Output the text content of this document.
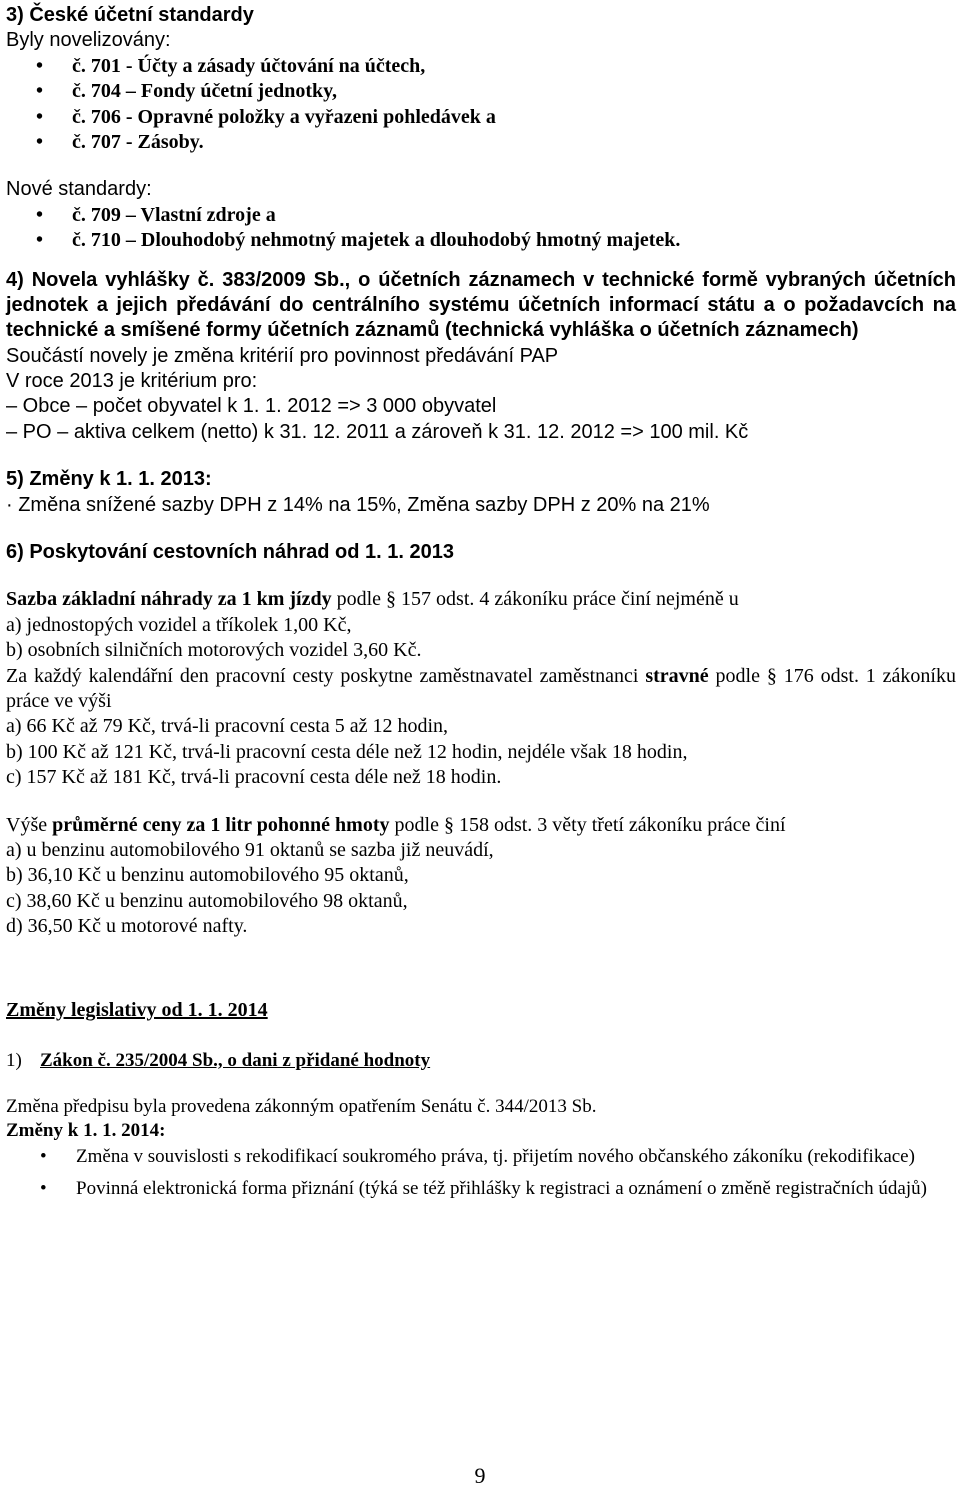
3) České účetní standardy
Byly novelizovány:
• č. 701 - Účty a zásady účtování na účtech,
• č. 704 – Fondy účetní jednotky,
• č. 706 - Opravné položky a vyřazeni pohledávek a
• č. 707 - Zásoby.
Nové standardy:
• č. 709 – Vlastní zdroje a
• č. 710 – Dlouhodobý nehmotný majetek a dlouhodobý hmotný majetek.
4) Novela vyhlášky č. 383/2009 Sb., o účetních záznamech v technické formě vybraných účetních jednotek a jejich předávání do centrálního systému účetních informací státu a o požadavcích na technické a smíšené formy účetních záznamů (technická vyhláška o účetních záznamech)
Součástí novely je změna kritérií pro povinnost předávání PAP
V roce 2013 je kritérium pro:
– Obce – počet obyvatel k 1. 1. 2012 => 3 000 obyvatel
– PO – aktiva celkem (netto) k 31. 12. 2011 a zároveň k 31. 12. 2012 => 100 mil. Kč
5) Změny k 1. 1. 2013:
· Změna snížené sazby DPH z 14% na 15%, Změna sazby DPH z 20% na 21%
6) Poskytování cestovních náhrad od 1. 1. 2013
Sazba základní náhrady za 1 km jízdy podle § 157 odst. 4 zákoníku práce činí nejméně u
a) jednostopých vozidel a tříkolek 1,00 Kč,
b) osobních silničních motorových vozidel 3,60 Kč.
Za každý kalendářní den pracovní cesty poskytne zaměstnavatel zaměstnanci stravné podle § 176 odst. 1 zákoníku práce ve výši
a) 66 Kč až 79 Kč, trvá-li pracovní cesta 5 až 12 hodin,
b) 100 Kč až 121 Kč, trvá-li pracovní cesta déle než 12 hodin, nejdéle však 18 hodin,
c) 157 Kč až 181 Kč, trvá-li pracovní cesta déle než 18 hodin.
Výše průměrné ceny za 1 litr pohonné hmoty podle § 158 odst. 3 věty třetí zákoníku práce činí
a) u benzinu automobilového 91 oktanů se sazba již neuvádí,
b) 36,10 Kč u benzinu automobilového 95 oktanů,
c) 38,60 Kč u benzinu automobilového 98 oktanů,
d) 36,50 Kč u motorové nafty.
Změny legislativy od 1. 1. 2014
1) Zákon č. 235/2004 Sb., o dani z přidané hodnoty
Změna předpisu byla provedena zákonným opatřením Senátu č. 344/2013 Sb.
Změny k 1. 1. 2014:
• Změna v souvislosti s rekodifikací soukromého práva, tj. přijetím nového občanského zákoníku (rekodifikace)
• Povinná elektronická forma přiznání (týká se též přihlášky k registraci a oznámení o změně registračních údajů)
9
